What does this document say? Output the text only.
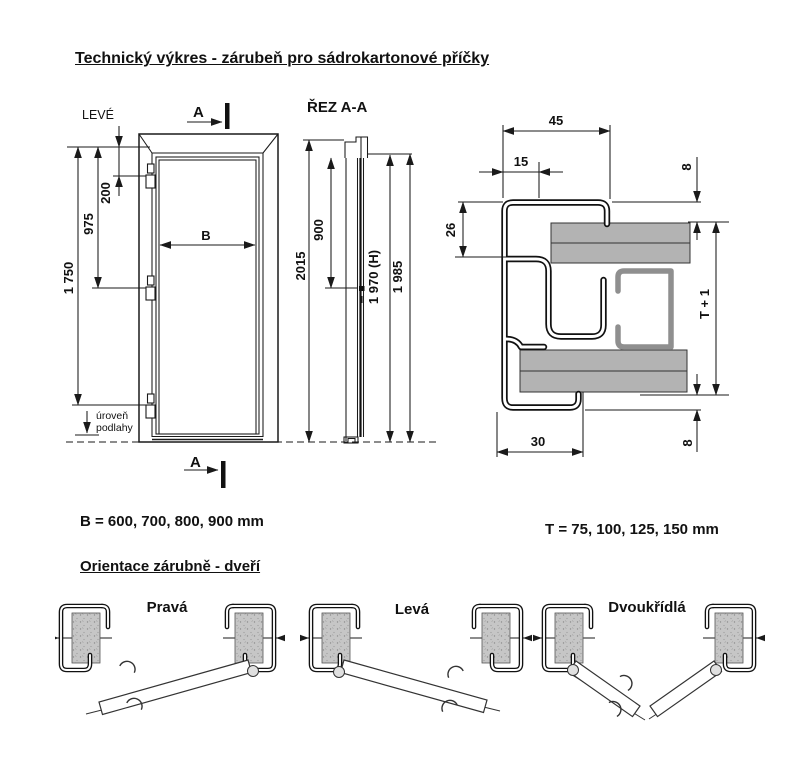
Technický výkres - zárubeň pro sádrokartonové příčky
200
975
1 750
B
LEVÉ	A
A
úroveň
podlahy
ŘEZ A-A
2015
900
1 970 (H) 1 985
45
15
26
8
T + 1
30	8
B = 600, 700, 800, 900 mm	T = 75, 100, 125, 150 mm
Orientace zárubně - dveří
Pravá	Levá	Dvoukřídlá
